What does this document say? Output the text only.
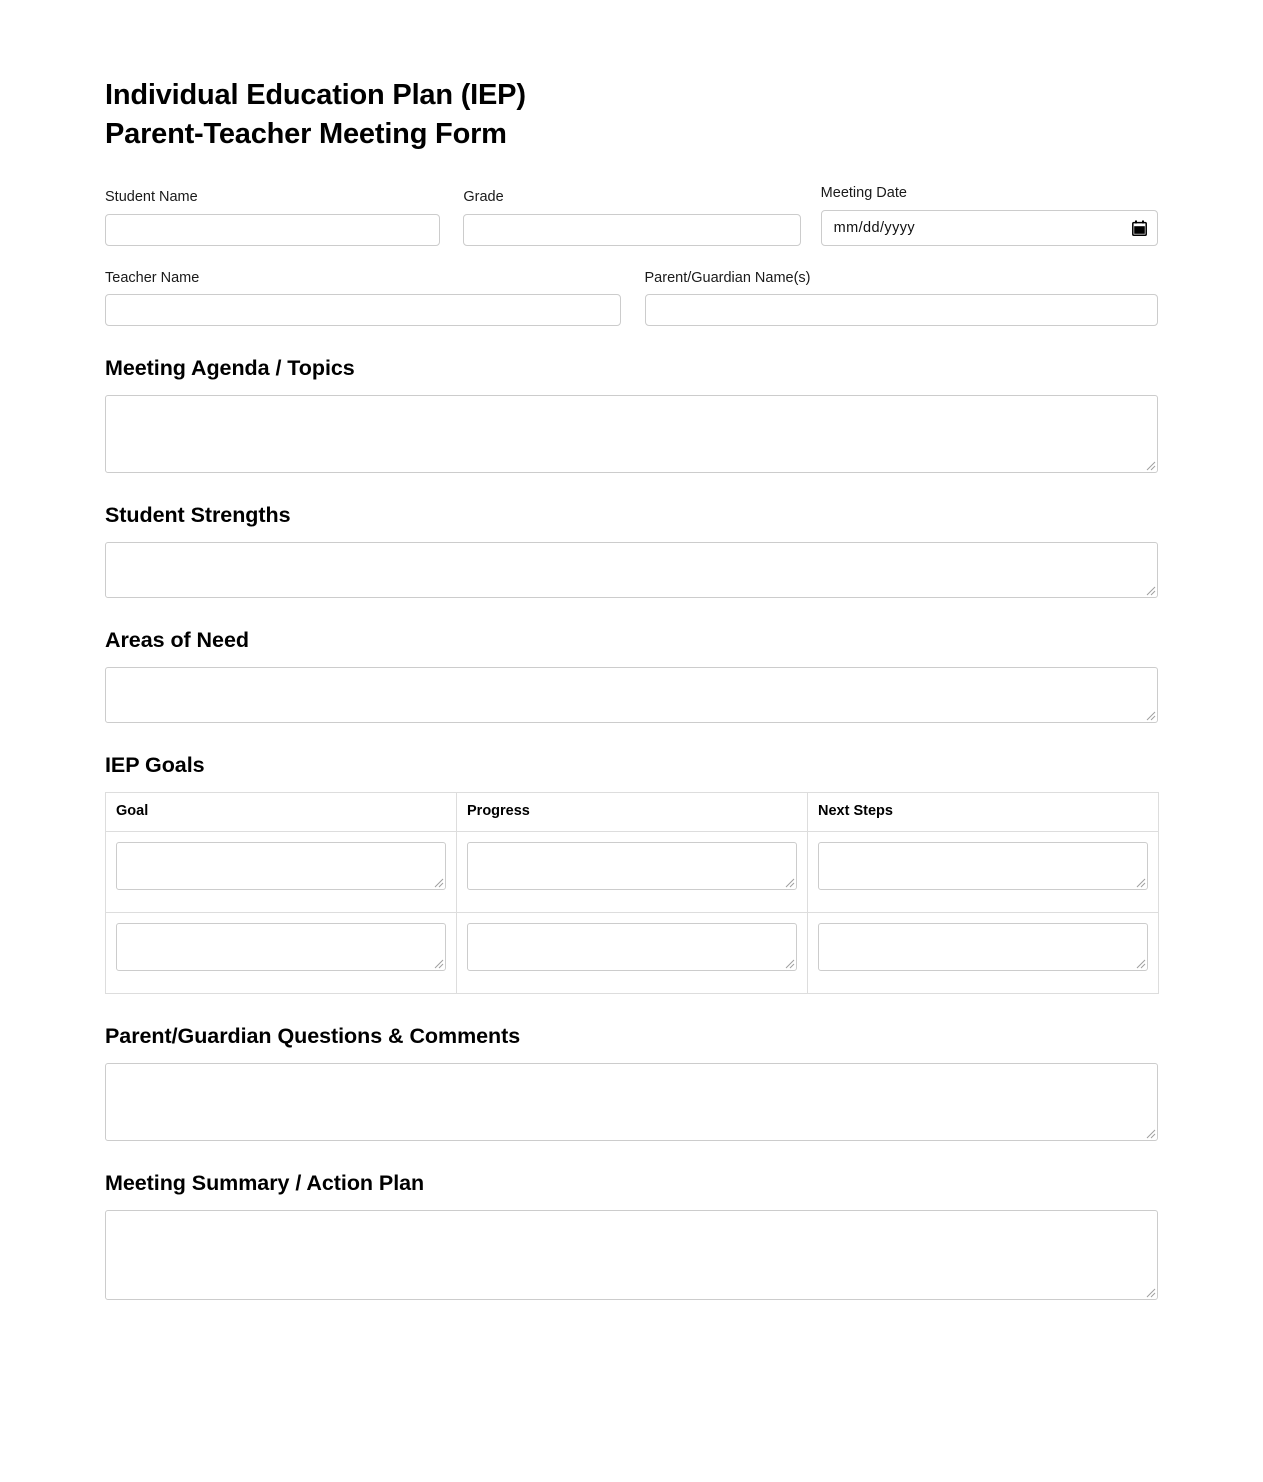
Individual Education Plan (IEP)
Parent-Teacher Meeting Form
Student Name	Grade	Meeting Date
mm/dd/yyyy
Teacher Name	Parent/Guardian Name(s)
Meeting Agenda / Topics
Student Strengths
Areas of Need
IEP Goals
Goal	Progress	Next Steps

Parent/Guardian Questions & Comments
Meeting Summary / Action Plan
